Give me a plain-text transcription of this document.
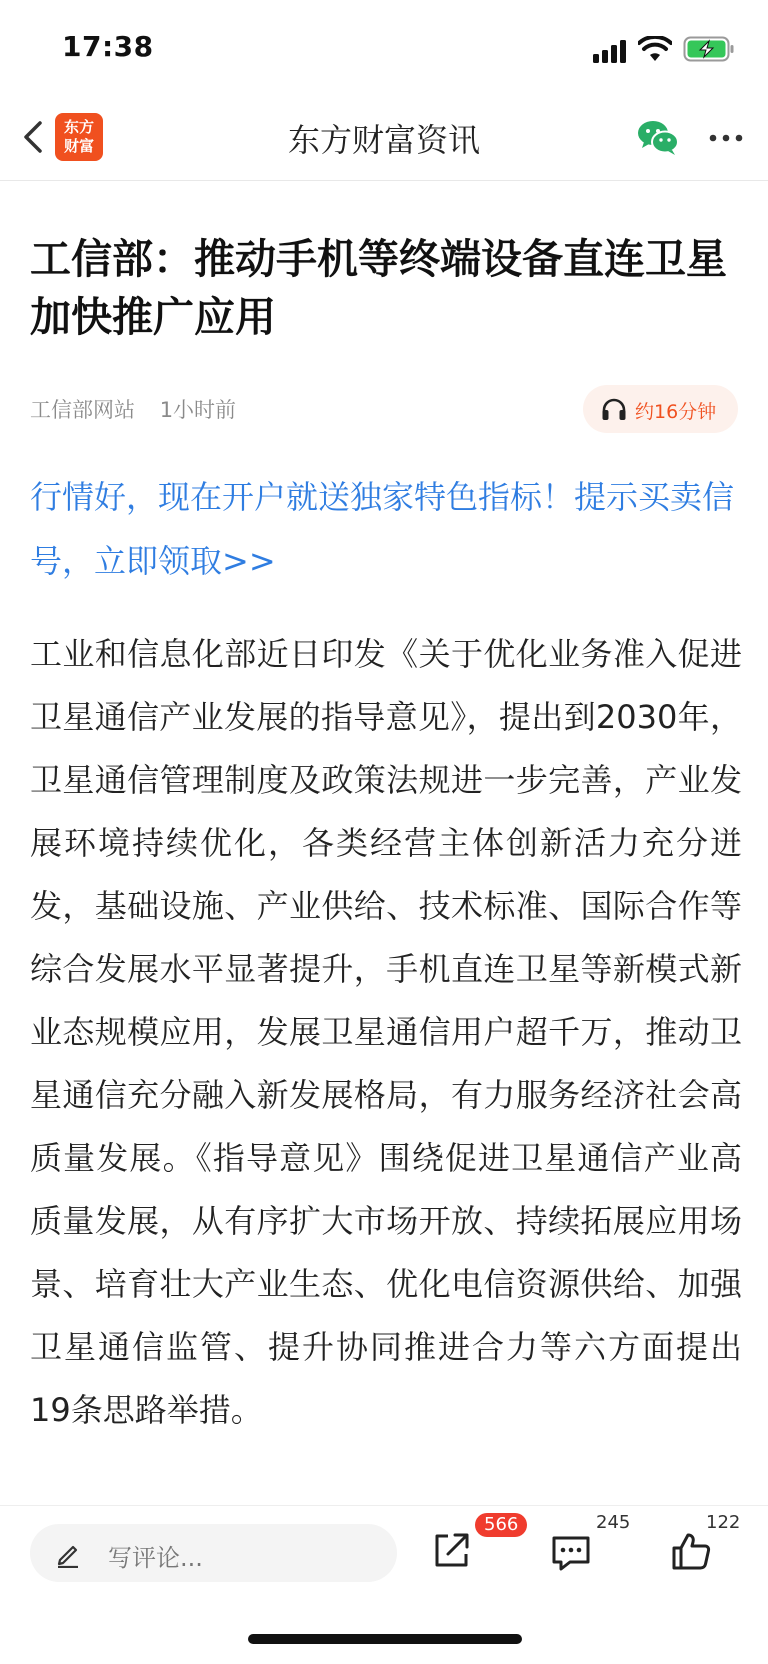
17:38
东方
财富	东方财富资讯
工信部：推动手机等终端设备直连卫星加快推广应用
工信部网站 1小时前	约16分钟

行情好，现在开户就送独家特色指标！提示买卖信号，立即领取>>

工业和信息化部近日印发《关于优化业务准入促进卫星通信产业发展的指导意见》，提出到2030年，卫星通信管理制度及政策法规进一步完善，产业发展环境持续优化，各类经营主体创新活力充分迸发，基础设施、产业供给、技术标准、国际合作等综合发展水平显著提升，手机直连卫星等新模式新业态规模应用，发展卫星通信用户超千万，推动卫星通信充分融入新发展格局，有力服务经济社会高质量发展。《指导意见》围绕促进卫星通信产业高质量发展，从有序扩大市场开放、持续拓展应用场景、培育壮大产业生态、优化电信资源供给、加强卫星通信监管、提升协同推进合力等六方面提出19条思路举措。

写评论...
566	245	122
